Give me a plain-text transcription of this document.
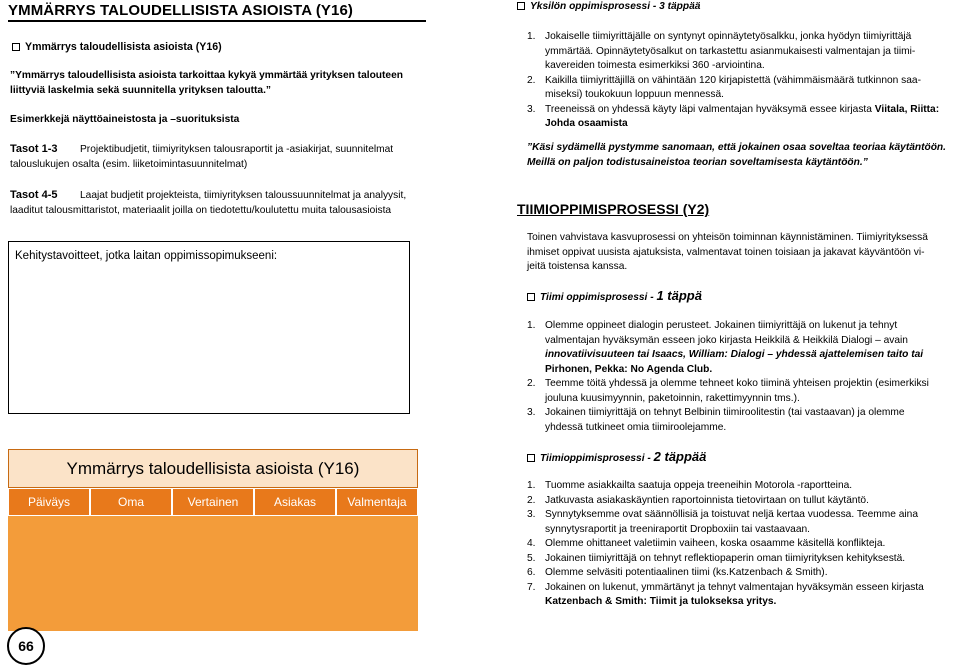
YMMÄRRYS TALOUDELLISISTA ASIOISTA (Y16)
Ymmärrys taloudellisista asioista (Y16)
”Ymmärrys taloudellisista asioista tarkoittaa kykyä ymmärtää yrityksen talouteen
liittyviä laskelmia sekä suunnitella yrityksen taloutta.”
Esimerkkejä näyttöaineistosta ja –suorituksista
Tasot 1-3 Projektibudjetit, tiimiyrityksen talousraportit ja -asiakirjat, suunnitelmat
talouslukujen osalta (esim. liiketoimintasuunnitelmat)
Tasot 4-5 Laajat budjetit projekteista, tiimiyrityksen taloussuunnitelmat ja analyysit,
laaditut talousmittaristot, materiaalit joilla on tiedotettu/koulutettu muita talousasioista
Kehitystavoitteet, jotka laitan oppimissopimukseeni:
Ymmärrys taloudellisista asioista (Y16)
Päiväys	Oma	Vertainen	Asiakas	Valmentaja
66
Yksilön oppimisprosessi - 3 täppää
1. Jokaiselle tiimiyrittäjälle on syntynyt opinnäytetyösalkku, jonka hyödyn tiimiyrittäjä
ymmärtää. Opinnäytetyösalkut on tarkastettu asianmukaisesti valmentajan ja tiimi-
kavereiden toimesta esimerkiksi 360 -arviointina.
2. Kaikilla tiimiyrittäjillä on vähintään 120 kirjapistettä (vähimmäismäärä tutkinnon saa-
miseksi) toukokuun loppuun mennessä.
3. Treeneissä on yhdessä käyty läpi valmentajan hyväksymä essee kirjasta Viitala, Riitta:
Johda osaamista
”Käsi sydämellä pystymme sanomaan, että jokainen osaa soveltaa teoriaa käytäntöön.
Meillä on paljon todistusaineistoa teorian soveltamisesta käytäntöön.”
TIIMIOPPIMISPROSESSI (Y2)
Toinen vahvistava kasvuprosessi on yhteisön toiminnan käynnistäminen. Tiimiyrityksessä
ihmiset oppivat uusista ajatuksista, valmentavat toinen toisiaan ja jakavat käyväntöön vi-
jeitä toistensa kanssa.
Tiimi oppimisprosessi - 1 täppä
1. Olemme oppineet dialogin perusteet. Jokainen tiimiyrittäjä on lukenut ja tehnyt
valmentajan hyväksymän esseen joko kirjasta Heikkilä & Heikkilä Dialogi – avain
innovatiivisuuteen tai Isaacs, William: Dialogi – yhdessä ajattelemisen taito tai
Pirhonen, Pekka: No Agenda Club.
2. Teemme töitä yhdessä ja olemme tehneet koko tiiminä yhteisen projektin (esimerkiksi
jouluna kuusimyynnin, paketoinnin, rakettimyynnin tms.).
3. Jokainen tiimiyrittäjä on tehnyt Belbinin tiimiroolitestin (tai vastaavan) ja olemme
yhdessä tutkineet omia tiimiroolejamme.
Tiimioppimisprosessi - 2 täppää
1. Tuomme asiakkailta saatuja oppeja treeneihin Motorola -raportteina.
2. Jatkuvasta asiakaskäyntien raportoinnista tietovirtaan on tullut käytäntö.
3. Synnytyksemme ovat säännöllisiä ja toistuvat neljä kertaa vuodessa. Teemme aina
synnytysraportit ja treeniraportit Dropboxiin tai vastaavaan.
4. Olemme ohittaneet valetiimin vaiheen, koska osaamme käsitellä konflikteja.
5. Jokainen tiimiyrittäjä on tehnyt reflektiopaperin oman tiimiyrityksen kehityksestä.
6. Olemme selväsiti potentiaalinen tiimi (ks.Katzenbach & Smith).
7. Jokainen on lukenut, ymmärtänyt ja tehnyt valmentajan hyväksymän esseen kirjasta
Katzenbach & Smith: Tiimit ja tulokseksa yritys.
